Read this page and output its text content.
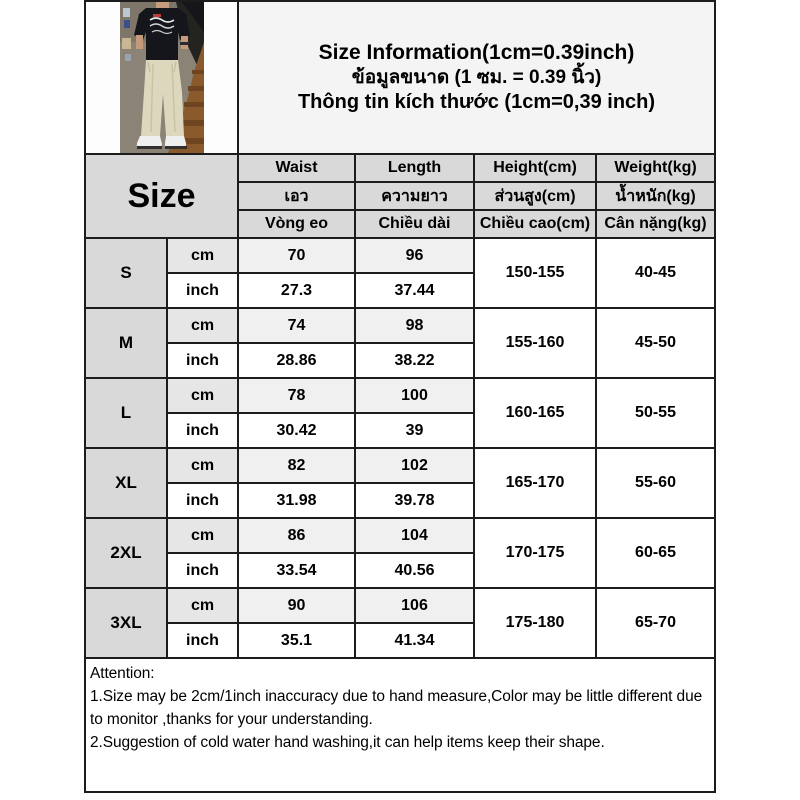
Size Information(1cm=0.39inch)
ข้อมูลขนาด (1 ซม. = 0.39 นิ้ว)
Thông tin kích thước (1cm=0,39 inch)			

Size		Waist	Length	Height(cm)	Weight(kg)
		เอว	ความยาว	ส่วนสูง(cm)	น้ำหนัก(kg)
		Vòng eo	Chiều dài	Chiều cao(cm)	Cân nặng(kg)
S	cm	70	96	150-155	40-45
	inch	27.3	37.44		
M	cm	74	98	155-160	45-50
	inch	28.86	38.22		
L	cm	78	100	160-165	50-55
	inch	30.42	39		
XL	cm	82	102	165-170	55-60
	inch	31.98	39.78		
2XL	cm	86	104	170-175	60-65
	inch	33.54	40.56		
3XL	cm	90	106	175-180	65-70
	inch	35.1	41.34		

Attention:

1.Size may be 2cm/1inch inaccuracy due to hand measure,Color may be little different due to monitor ,thanks for your understanding.

2.Suggestion of cold water hand washing,it can help items keep their shape.					
